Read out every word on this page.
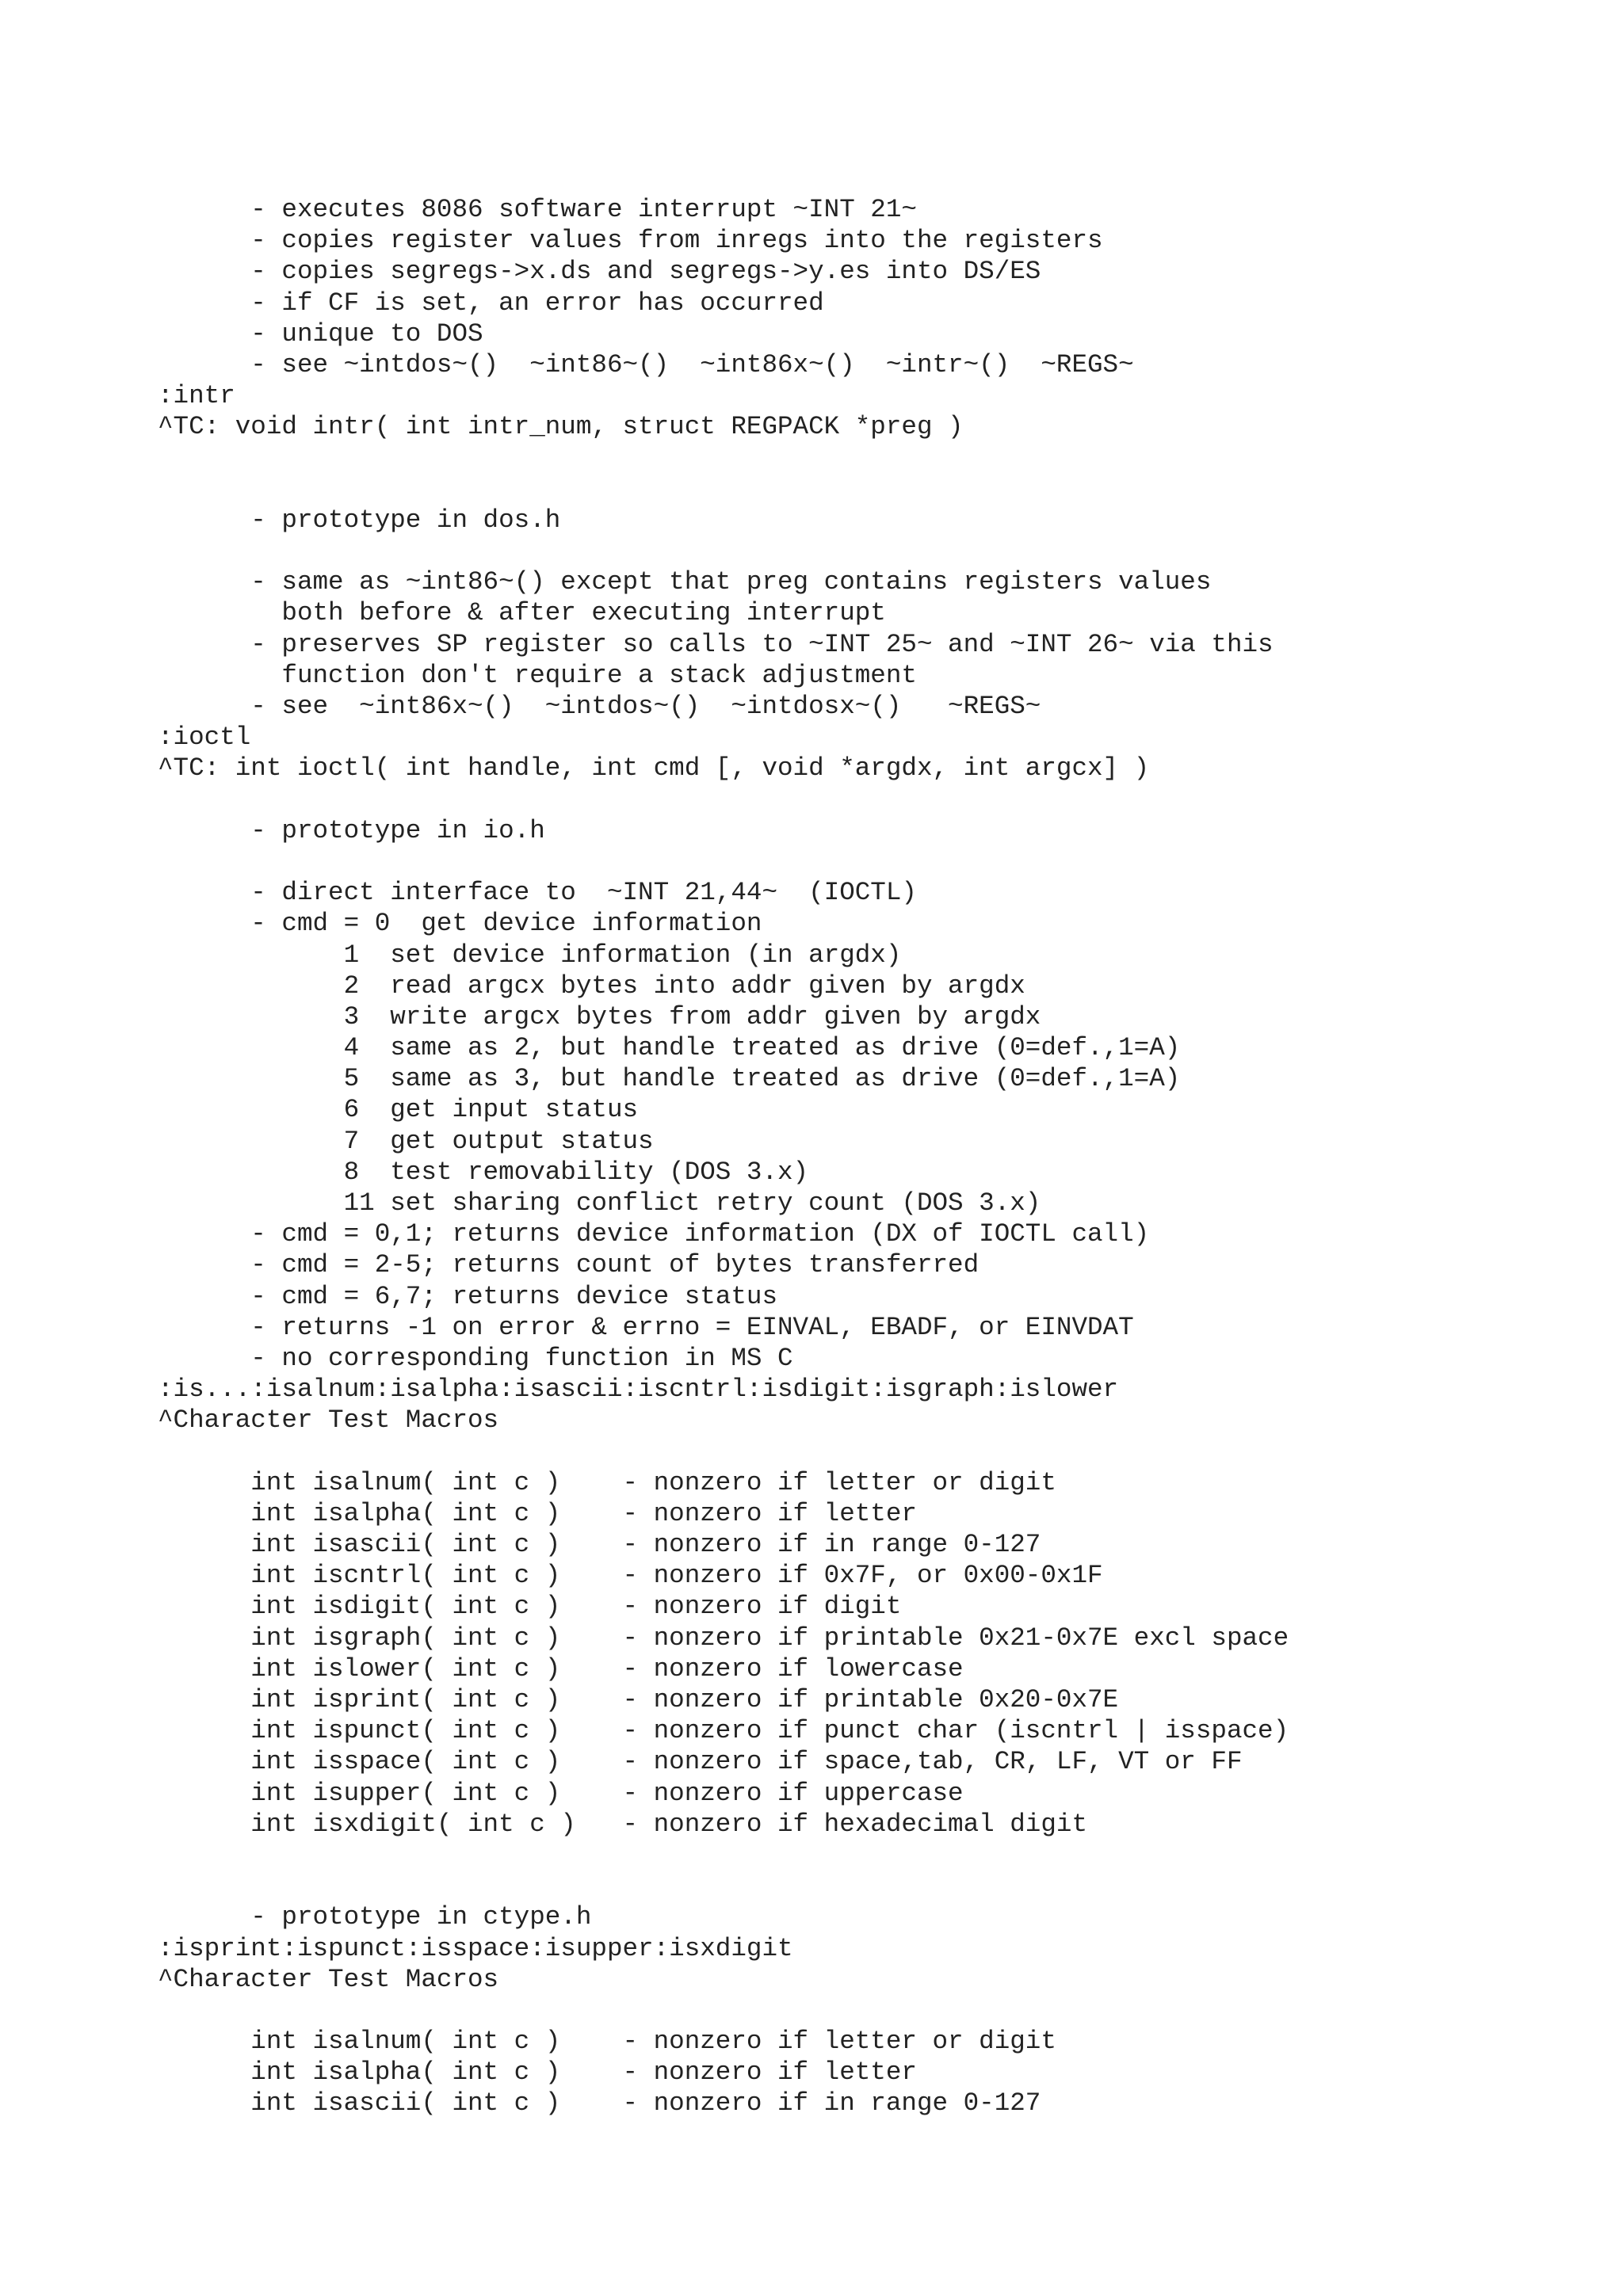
- executes 8086 software interrupt ~INT 21~
- copies register values from inregs into the registers
- copies segregs->x.ds and segregs->y.es into DS/ES
- if CF is set, an error has occurred
- unique to DOS
- see ~intdos~()  ~int86~()  ~int86x~()  ~intr~()  ~REGS~
:intr
^TC: void intr( int intr_num, struct REGPACK *preg )
- prototype in dos.h
- same as ~int86~() except that preg contains registers values
both before & after executing interrupt
- preserves SP register so calls to ~INT 25~ and ~INT 26~ via this
function don't require a stack adjustment
- see  ~int86x~()  ~intdos~()  ~intdosx~()   ~REGS~
:ioctl
^TC: int ioctl( int handle, int cmd [, void *argdx, int argcx] )
- prototype in io.h
- direct interface to  ~INT 21,44~  (IOCTL)
- cmd = 0  get device information
1  set device information (in argdx)
2  read argcx bytes into addr given by argdx
3  write argcx bytes from addr given by argdx
4  same as 2, but handle treated as drive (0=def.,1=A)
5  same as 3, but handle treated as drive (0=def.,1=A)
6  get input status
7  get output status
8  test removability (DOS 3.x)
11 set sharing conflict retry count (DOS 3.x)
- cmd = 0,1; returns device information (DX of IOCTL call)
- cmd = 2-5; returns count of bytes transferred
- cmd = 6,7; returns device status
- returns -1 on error & errno = EINVAL, EBADF, or EINVDAT
- no corresponding function in MS C
:is...:isalnum:isalpha:isascii:iscntrl:isdigit:isgraph:islower
^Character Test Macros
int isalnum( int c )    - nonzero if letter or digit
int isalpha( int c )    - nonzero if letter
int isascii( int c )    - nonzero if in range 0-127
int iscntrl( int c )    - nonzero if 0x7F, or 0x00-0x1F
int isdigit( int c )    - nonzero if digit
int isgraph( int c )    - nonzero if printable 0x21-0x7E excl space
int islower( int c )    - nonzero if lowercase
int isprint( int c )    - nonzero if printable 0x20-0x7E
int ispunct( int c )    - nonzero if punct char (iscntrl | isspace)
int isspace( int c )    - nonzero if space,tab, CR, LF, VT or FF
int isupper( int c )    - nonzero if uppercase
int isxdigit( int c )   - nonzero if hexadecimal digit
- prototype in ctype.h
:isprint:ispunct:isspace:isupper:isxdigit
^Character Test Macros
int isalnum( int c )    - nonzero if letter or digit
int isalpha( int c )    - nonzero if letter
int isascii( int c )    - nonzero if in range 0-127
